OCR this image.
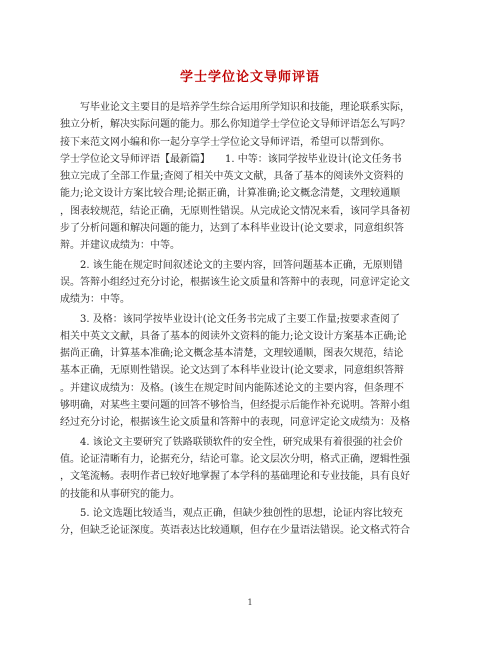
学士学位论文导师评语
　　写毕业论文主要目的是培养学生综合运用所学知识和技能，理论联系实际，
独立分析，解决实际问题的能力。那么你知道学士学位论文导师评语怎么写吗？
接下来范文网小编和你一起分享学士学位论文导师评语，希望可以帮到你。
学士学位论文导师评语【最新篇】　　1. 中等：该同学按毕业设计(论文任务书
独立完成了全部工作量;查阅了相关中英文文献，具备了基本的阅读外文资料的
能力;论文设计方案比较合理;论据正确，计算准确;论文概念清楚，文理较通顺
，图表较规范，结论正确，无原则性错误。从完成论文情况来看，该同学具备初
步了分析问题和解决问题的能力，达到了本科毕业设计(论文要求，同意组织答
辩。并建议成绩为：中等。
　　2. 该生能在规定时间叙述论文的主要内容，回答问题基本正确，无原则错
误。答辩小组经过充分讨论，根据该生论文质量和答辩中的表现，同意评定论文
成绩为：中等。
　　3. 及格：该同学按毕业设计(论文任务书完成了主要工作量;按要求查阅了
相关中英文文献，具备了基本的阅读外文资料的能力;论文设计方案基本正确;论
据尚正确，计算基本准确;论文概念基本清楚，文理较通顺，图表欠规范，结论
基本正确，无原则性错误。论文达到了本科毕业设计(论文要求，同意组织答辩
。并建议成绩为：及格。(该生在规定时间内能陈述论文的主要内容，但条理不
够明确，对某些主要问题的回答不够恰当，但经提示后能作补充说明。答辩小组
经过充分讨论，根据该生论文质量和答辩中的表现，同意评定论文成绩为：及格
　　4. 该论文主要研究了铁路联锁软件的安全性，研究成果有着很强的社会价
值。论证清晰有力，论据充分，结论可靠。论文层次分明，格式正确，逻辑性强
，文笔流畅。表明作者已较好地掌握了本学科的基础理论和专业技能，具有良好
的技能和从事研究的能力。
　　5. 论文选题比较适当，观点正确，但缺少独创性的思想，论证内容比较充
分，但缺乏论证深度。英语表达比较通顺，但存在少量语法错误。论文格式符合
1
